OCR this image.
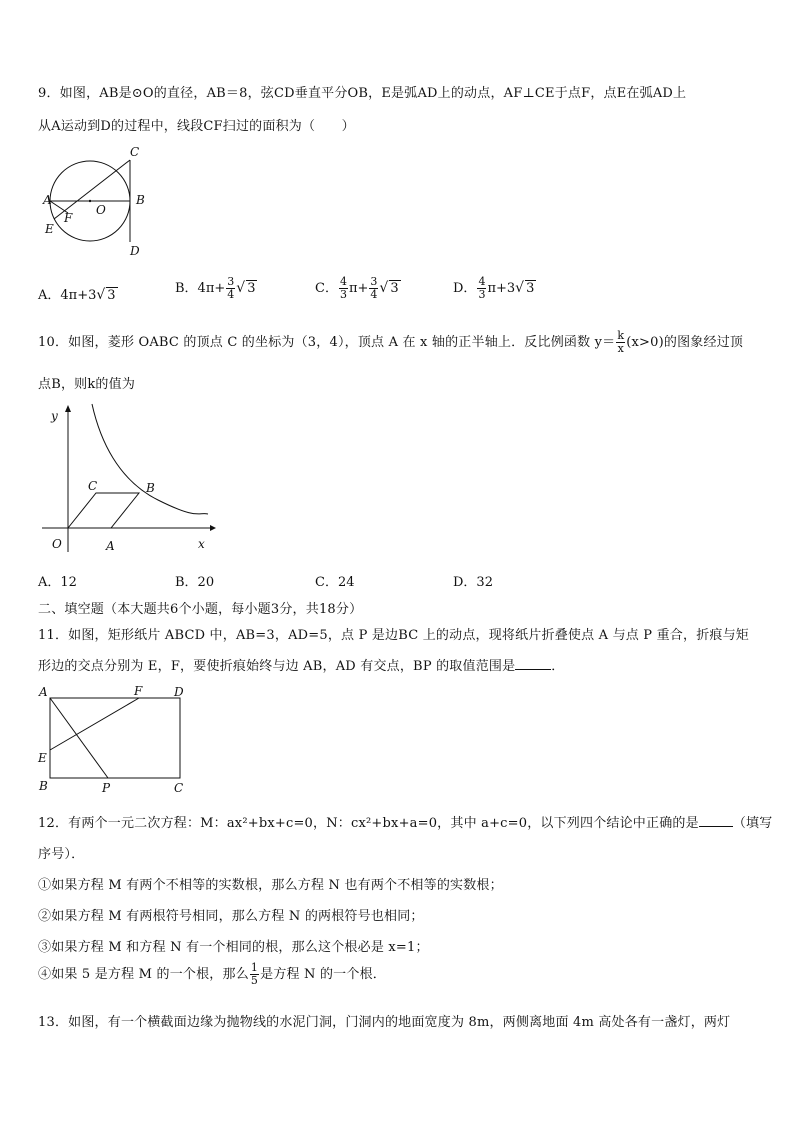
9．如图，AB是⊙O的直径，AB＝8，弦CD垂直平分OB，E是弧AD上的动点，AF⊥CE于点F，点E在弧AD上
从A运动到D的过程中，线段CF扫过的面积为（　　）
A	B
C
D
O
E
F
A．4π+3√ 3	B．$4\pi+ \frac{3}{4}$ √ 3	C． $\frac{4}{3} \pi+ \frac{3}{4}$ √ 3	D． $\frac{4}{3} \pi+3√$ 3
10．如图，菱形 OABC 的顶点 C 的坐标为（3，4），顶点 A 在 x 轴的正半轴上．反比例函数 $y= \frac{k}{x} (x>0)$的图象经过顶
点B，则k的值为
y
x
O	A
B
C
A．12	B．20	C．24	D．32
二、填空题（本大题共6个小题，每小题3分，共18分）
11．如图，矩形纸片 ABCD 中，AB=3，AD=5，点 P 是边BC 上的动点，现将纸片折叠使点 A 与点 P 重合，折痕与矩
形边的交点分别为 E，F，要使折痕始终与边 AB，AD 有交点，BP 的取值范围是	．
A	F	D
E
B	P	C
12．有两个一元二次方程：M：ax²+bx+c=0，N：cx²+bx+a=0，其中 a+c=0，以下列四个结论中正确的是	（填写
序号）．
①如果方程 M 有两个不相等的实数根，那么方程 N 也有两个不相等的实数根；
②如果方程 M 有两根符号相同，那么方程 N 的两根符号也相同；
③如果方程 M 和方程 N 有一个相同的根，那么这个根必是 x=1；
④如果 5 是方程 M 的一个根，那么 $\frac{1}{5}$ 是方程 N 的一个根．
13．如图，有一个横截面边缘为抛物线的水泥门洞，门洞内的地面宽度为 8m，两侧离地面 4m 高处各有一盏灯，两灯
